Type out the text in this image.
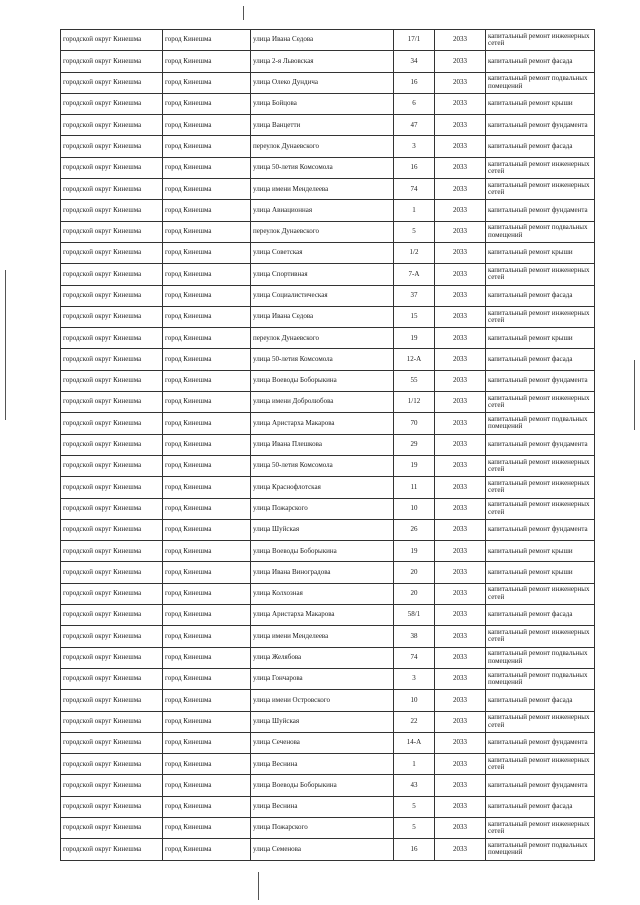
городской округ Кинешма	город Кинешма	улица Ивана Седова	17/1	2033	капитальный ремонт инженерных сетей
городской округ Кинешма	город Кинешма	улица 2-я Львовская	34	2033	капитальный ремонт фасада
городской округ Кинешма	город Кинешма	улица Олеко Дундича	16	2033	капитальный ремонт подвальных помещений
городской округ Кинешма	город Кинешма	улица Бойцова	6	2033	капитальный ремонт крыши
городской округ Кинешма	город Кинешма	улица Ванцетти	47	2033	капитальный ремонт фундамента
городской округ Кинешма	город Кинешма	переулок Дунаевского	3	2033	капитальный ремонт фасада
городской округ Кинешма	город Кинешма	улица 50-летия Комсомола	16	2033	капитальный ремонт инженерных сетей
городской округ Кинешма	город Кинешма	улица имени Менделеева	74	2033	капитальный ремонт инженерных сетей
городской округ Кинешма	город Кинешма	улица Авиационная	1	2033	капитальный ремонт фундамента
городской округ Кинешма	город Кинешма	переулок Дунаевского	5	2033	капитальный ремонт подвальных помещений
городской округ Кинешма	город Кинешма	улица Советская	1/2	2033	капитальный ремонт крыши
городской округ Кинешма	город Кинешма	улица Спортивная	7-А	2033	капитальный ремонт инженерных сетей
городской округ Кинешма	город Кинешма	улица Социалистическая	37	2033	капитальный ремонт фасада
городской округ Кинешма	город Кинешма	улица Ивана Седова	15	2033	капитальный ремонт инженерных сетей
городской округ Кинешма	город Кинешма	переулок Дунаевского	19	2033	капитальный ремонт крыши
городской округ Кинешма	город Кинешма	улица 50-летия Комсомола	12-А	2033	капитальный ремонт фасада
городской округ Кинешма	город Кинешма	улица Воеводы Боборыкина	55	2033	капитальный ремонт фундамента
городской округ Кинешма	город Кинешма	улица имени Добролюбова	1/12	2033	капитальный ремонт инженерных сетей
городской округ Кинешма	город Кинешма	улица Аристарха Макарова	70	2033	капитальный ремонт подвальных помещений
городской округ Кинешма	город Кинешма	улица Ивана Плешкова	29	2033	капитальный ремонт фундамента
городской округ Кинешма	город Кинешма	улица 50-летия Комсомола	19	2033	капитальный ремонт инженерных сетей
городской округ Кинешма	город Кинешма	улица Краснофлотская	11	2033	капитальный ремонт инженерных сетей
городской округ Кинешма	город Кинешма	улица Пожарского	10	2033	капитальный ремонт инженерных сетей
городской округ Кинешма	город Кинешма	улица Шуйская	26	2033	капитальный ремонт фундамента
городской округ Кинешма	город Кинешма	улица Воеводы Боборыкина	19	2033	капитальный ремонт крыши
городской округ Кинешма	город Кинешма	улица Ивана Виноградова	20	2033	капитальный ремонт крыши
городской округ Кинешма	город Кинешма	улица Колхозная	20	2033	капитальный ремонт инженерных сетей
городской округ Кинешма	город Кинешма	улица Аристарха Макарова	58/1	2033	капитальный ремонт фасада
городской округ Кинешма	город Кинешма	улица имени Менделеева	38	2033	капитальный ремонт инженерных сетей
городской округ Кинешма	город Кинешма	улица Желябова	74	2033	капитальный ремонт подвальных помещений
городской округ Кинешма	город Кинешма	улица Гончарова	3	2033	капитальный ремонт подвальных помещений
городской округ Кинешма	город Кинешма	улица имени Островского	10	2033	капитальный ремонт фасада
городской округ Кинешма	город Кинешма	улица Шуйская	22	2033	капитальный ремонт инженерных сетей
городской округ Кинешма	город Кинешма	улица Сеченова	14-А	2033	капитальный ремонт фундамента
городской округ Кинешма	город Кинешма	улица Веснина	1	2033	капитальный ремонт инженерных сетей
городской округ Кинешма	город Кинешма	улица Воеводы Боборыкина	43	2033	капитальный ремонт фундамента
городской округ Кинешма	город Кинешма	улица Веснина	5	2033	капитальный ремонт фасада
городской округ Кинешма	город Кинешма	улица Пожарского	5	2033	капитальный ремонт инженерных сетей
городской округ Кинешма	город Кинешма	улица Семенова	16	2033	капитальный ремонт подвальных помещений
